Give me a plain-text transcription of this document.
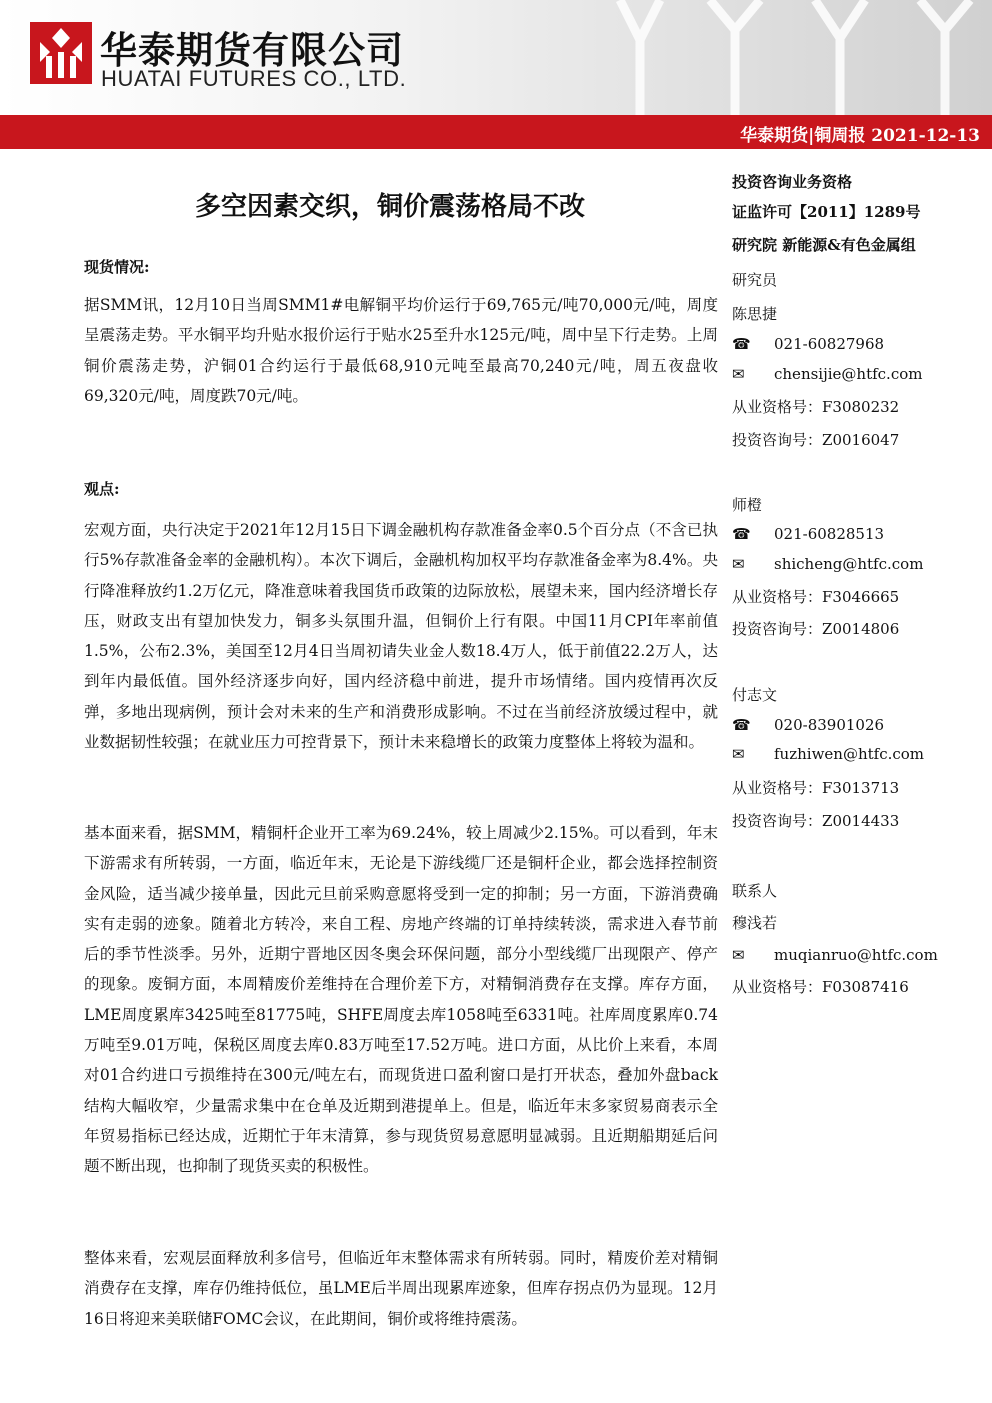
华泰期货有限公司
HUATAI FUTURES CO., LTD.
华泰期货|铜周报 2021-12-13
多空因素交织，铜价震荡格局不改
现货情况:

据SMM讯，12月10日当周SMM1#电解铜平均价运行于69,765元/吨70,000元/吨，周度呈震荡走势。平水铜平均升贴水报价运行于贴水25至升水125元/吨，周中呈下行走势。上周铜价震荡走势，沪铜01合约运行于最低68,910元吨至最高70,240元/吨，周五夜盘收69,320元/吨，周度跌70元/吨。

观点:

宏观方面，央行决定于2021年12月15日下调金融机构存款准备金率0.5个百分点（不含已执行5%存款准备金率的金融机构）。本次下调后，金融机构加权平均存款准备金率为8.4%。央行降准释放约1.2万亿元，降准意味着我国货币政策的边际放松，展望未来，国内经济增长存压，财政支出有望加快发力，铜多头氛围升温，但铜价上行有限。中国11月CPI年率前值1.5%，公布2.3%，美国至12月4日当周初请失业金人数18.4万人，低于前值22.2万人，达到年内最低值。国外经济逐步向好，国内经济稳中前进，提升市场情绪。国内疫情再次反弹，多地出现病例，预计会对未来的生产和消费形成影响。不过在当前经济放缓过程中，就业数据韧性较强；在就业压力可控背景下，预计未来稳增长的政策力度整体上将较为温和。

基本面来看，据SMM，精铜杆企业开工率为69.24%，较上周减少2.15%。可以看到，年末下游需求有所转弱，一方面，临近年末，无论是下游线缆厂还是铜杆企业，都会选择控制资金风险，适当减少接单量，因此元旦前采购意愿将受到一定的抑制；另一方面，下游消费确实有走弱的迹象。随着北方转冷，来自工程、房地产终端的订单持续转淡，需求进入春节前后的季节性淡季。另外，近期宁晋地区因冬奥会环保问题，部分小型线缆厂出现限产、停产的现象。废铜方面，本周精废价差维持在合理价差下方，对精铜消费存在支撑。库存方面，LME周度累库3425吨至81775吨，SHFE周度去库1058吨至6331吨。社库周度累库0.74万吨至9.01万吨，保税区周度去库0.83万吨至17.52万吨。进口方面，从比价上来看，本周对01合约进口亏损维持在300元/吨左右，而现货进口盈利窗口是打开状态，叠加外盘back结构大幅收窄，少量需求集中在仓单及近期到港提单上。但是，临近年末多家贸易商表示全年贸易指标已经达成，近期忙于年末清算，参与现货贸易意愿明显减弱。且近期船期延后问题不断出现，也抑制了现货买卖的积极性。

整体来看，宏观层面释放利多信号，但临近年末整体需求有所转弱。同时，精废价差对精铜消费存在支撑，库存仍维持低位，虽LME后半周出现累库迹象，但库存拐点仍为显现。12月16日将迎来美联储FOMC会议，在此期间，铜价或将维持震荡。

投资咨询业务资格
证监许可【2011】1289号
研究院 新能源&有色金属组
研究员
陈思捷
☎ 021-60827968
✉ chensijie@htfc.com
从业资格号：F3080232
投资咨询号：Z0016047
师橙
☎ 021-60828513
✉ shicheng@htfc.com
从业资格号：F3046665
投资咨询号：Z0014806
付志文
☎ 020-83901026
✉ fuzhiwen@htfc.com
从业资格号：F3013713
投资咨询号：Z0014433
联系人
穆浅若
✉ muqianruo@htfc.com
从业资格号：F03087416
